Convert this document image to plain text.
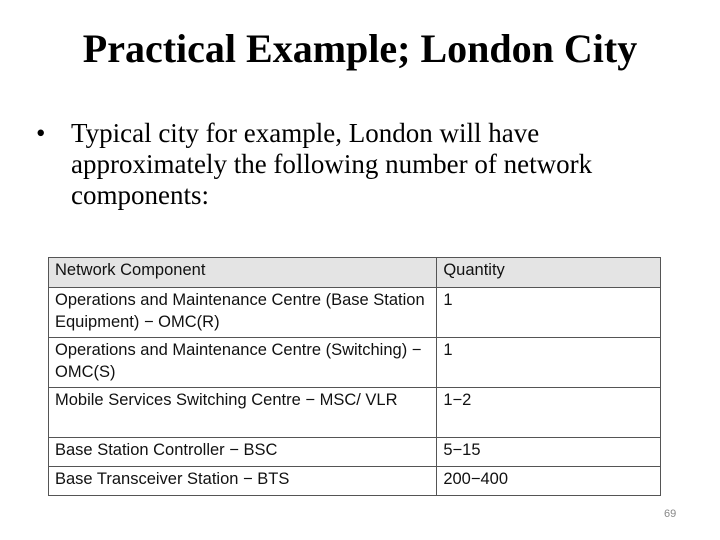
Practical Example; London City
• Typical city for example, London will have approximately the following number of network components:
Network Component	Quantity
Operations and Maintenance Centre (Base Station Equipment) − OMC(R)	1
Operations and Maintenance Centre (Switching) − OMC(S)	1
Mobile Services Switching Centre − MSC/ VLR	1−2
Base Station Controller − BSC	5−15
Base Transceiver Station − BTS	200−400
69
